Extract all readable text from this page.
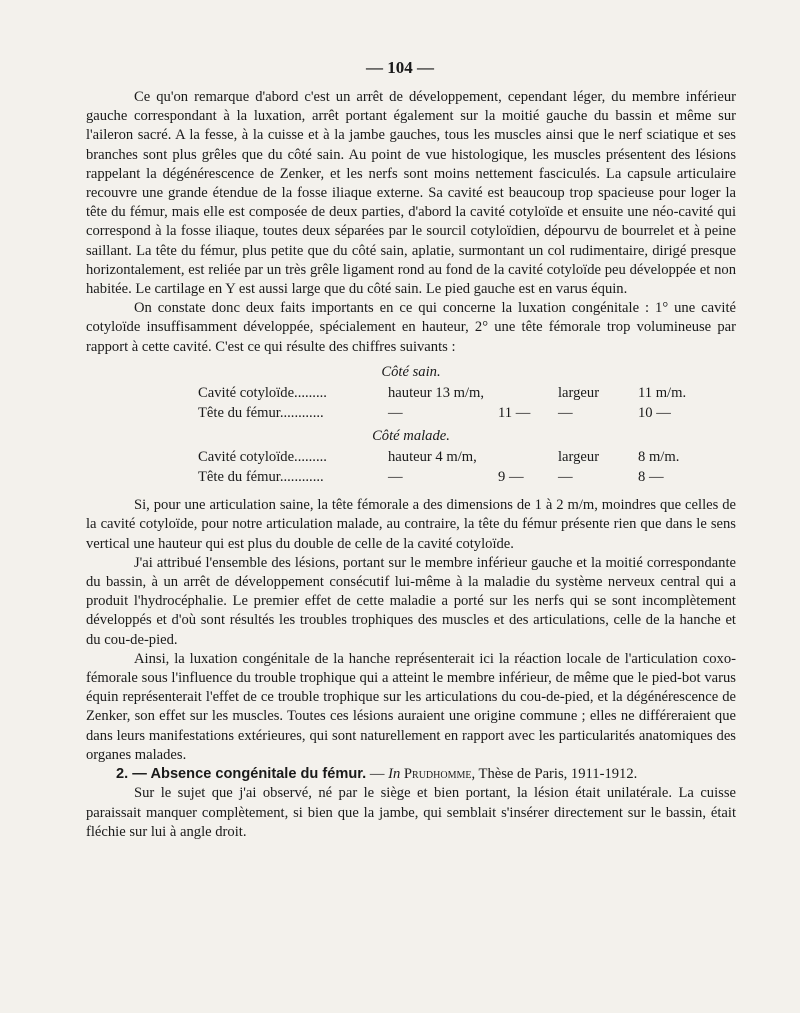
— 104 —

Ce qu'on remarque d'abord c'est un arrêt de développement, cependant léger, du membre inférieur gauche correspondant à la luxation, arrêt portant également sur la moitié gauche du bassin et même sur l'aileron sacré. A la fesse, à la cuisse et à la jambe gauches, tous les muscles ainsi que le nerf sciatique et ses branches sont plus grêles que du côté sain. Au point de vue histologique, les muscles présentent des lésions rappelant la dégénérescence de Zenker, et les nerfs sont moins nettement fasciculés. La capsule articulaire recouvre une grande étendue de la fosse iliaque externe. Sa cavité est beaucoup trop spacieuse pour loger la tête du fémur, mais elle est composée de deux parties, d'abord la cavité cotyloïde et ensuite une néo-cavité qui correspond à la fosse iliaque, toutes deux séparées par le sourcil cotyloïdien, dépourvu de bourrelet et à peine saillant. La tête du fémur, plus petite que du côté sain, aplatie, surmontant un col rudimentaire, dirigé presque horizontalement, est reliée par un très grêle ligament rond au fond de la cavité cotyloïde peu développée et non habitée. Le cartilage en Y est aussi large que du côté sain. Le pied gauche est en varus équin.

On constate donc deux faits importants en ce qui concerne la luxation congénitale : 1° une cavité cotyloïde insuffisamment développée, spécialement en hauteur, 2° une tête fémorale trop volumineuse par rapport à cette cavité. C'est ce qui résulte des chiffres suivants :

Côté sain.
Cavité cotyloïde.........	hauteur 13 m/m,	largeur	11 m/m.
Tête du fémur............	—	11 —	—	10 —
Côté malade.
Cavité cotyloïde.........	hauteur 4 m/m,	largeur	8 m/m.
Tête du fémur............	—	9 —	—	8 —

Si, pour une articulation saine, la tête fémorale a des dimensions de 1 à 2 m/m, moindres que celles de la cavité cotyloïde, pour notre articulation malade, au contraire, la tête du fémur présente rien que dans le sens vertical une hauteur qui est plus du double de celle de la cavité cotyloïde.

J'ai attribué l'ensemble des lésions, portant sur le membre inférieur gauche et la moitié correspondante du bassin, à un arrêt de développement consécutif lui-même à la maladie du système nerveux central qui a produit l'hydrocéphalie. Le premier effet de cette maladie a porté sur les nerfs qui se sont incomplètement développés et d'où sont résultés les troubles trophiques des muscles et des articulations, celle de la hanche et du cou-de-pied.

Ainsi, la luxation congénitale de la hanche représenterait ici la réaction locale de l'articulation coxo-fémorale sous l'influence du trouble trophique qui a atteint le membre inférieur, de même que le pied-bot varus équin représenterait l'effet de ce trouble trophique sur les articulations du cou-de-pied, et la dégénérescence de Zenker, son effet sur les muscles. Toutes ces lésions auraient une origine commune ; elles ne différeraient que dans leurs manifestations extérieures, qui sont naturellement en rapport avec les particularités anatomiques des organes malades.

2. — Absence congénitale du fémur. — In Prudhomme, Thèse de Paris, 1911-1912.

Sur le sujet que j'ai observé, né par le siège et bien portant, la lésion était unilatérale. La cuisse paraissait manquer complètement, si bien que la jambe, qui semblait s'insérer directement sur le bassin, était fléchie sur lui à angle droit.
